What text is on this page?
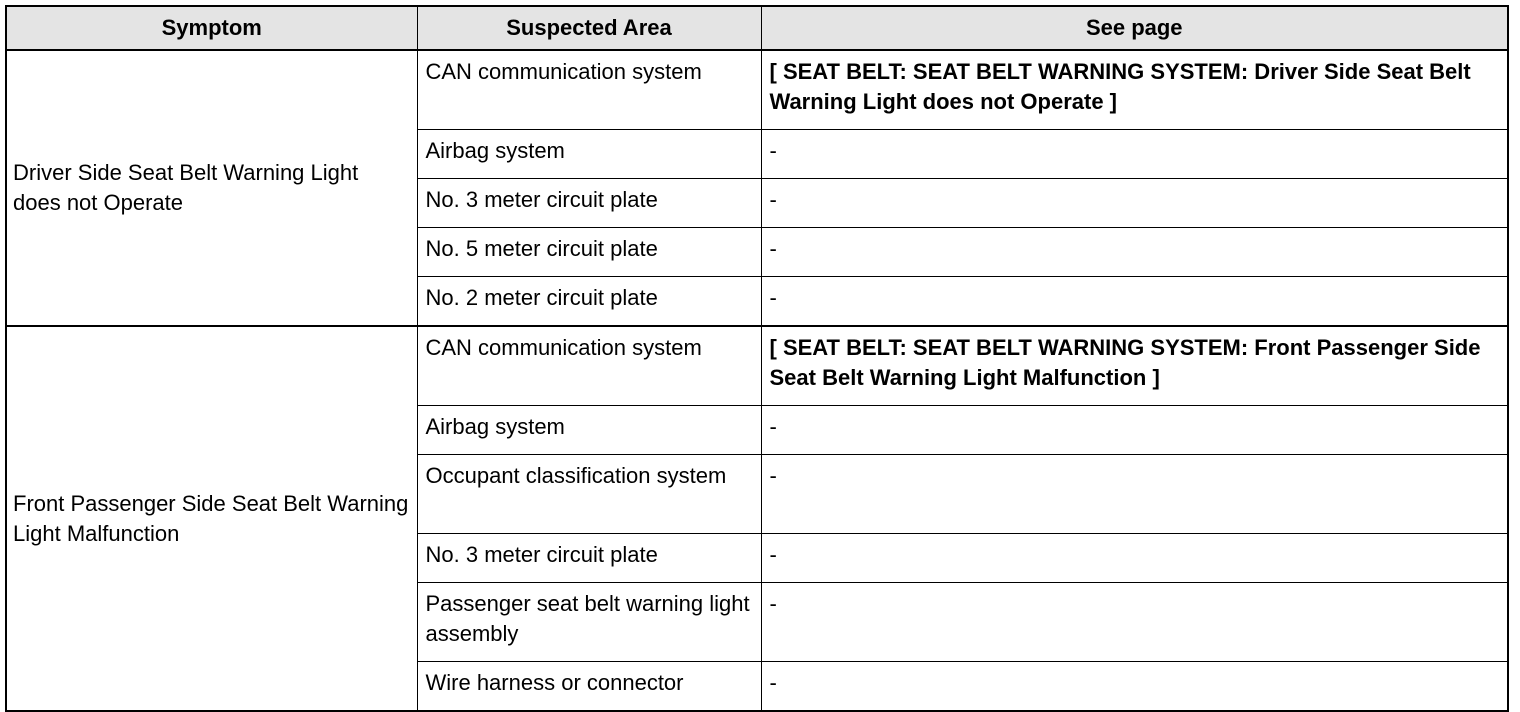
Symptom	Suspected Area	See page
Driver Side Seat Belt Warning Light does not Operate	CAN communication system	[ SEAT BELT: SEAT BELT WARNING SYSTEM: Driver Side Seat Belt Warning Light does not Operate ]
	Airbag system	-
	No. 3 meter circuit plate	-
	No. 5 meter circuit plate	-
	No. 2 meter circuit plate	-
Front Passenger Side Seat Belt Warning Light Malfunction	CAN communication system	[ SEAT BELT: SEAT BELT WARNING SYSTEM: Front Passenger Side Seat Belt Warning Light Malfunction ]
	Airbag system	-
	Occupant classification system	-
	No. 3 meter circuit plate	-
	Passenger seat belt warning light assembly	-
	Wire harness or connector	-
